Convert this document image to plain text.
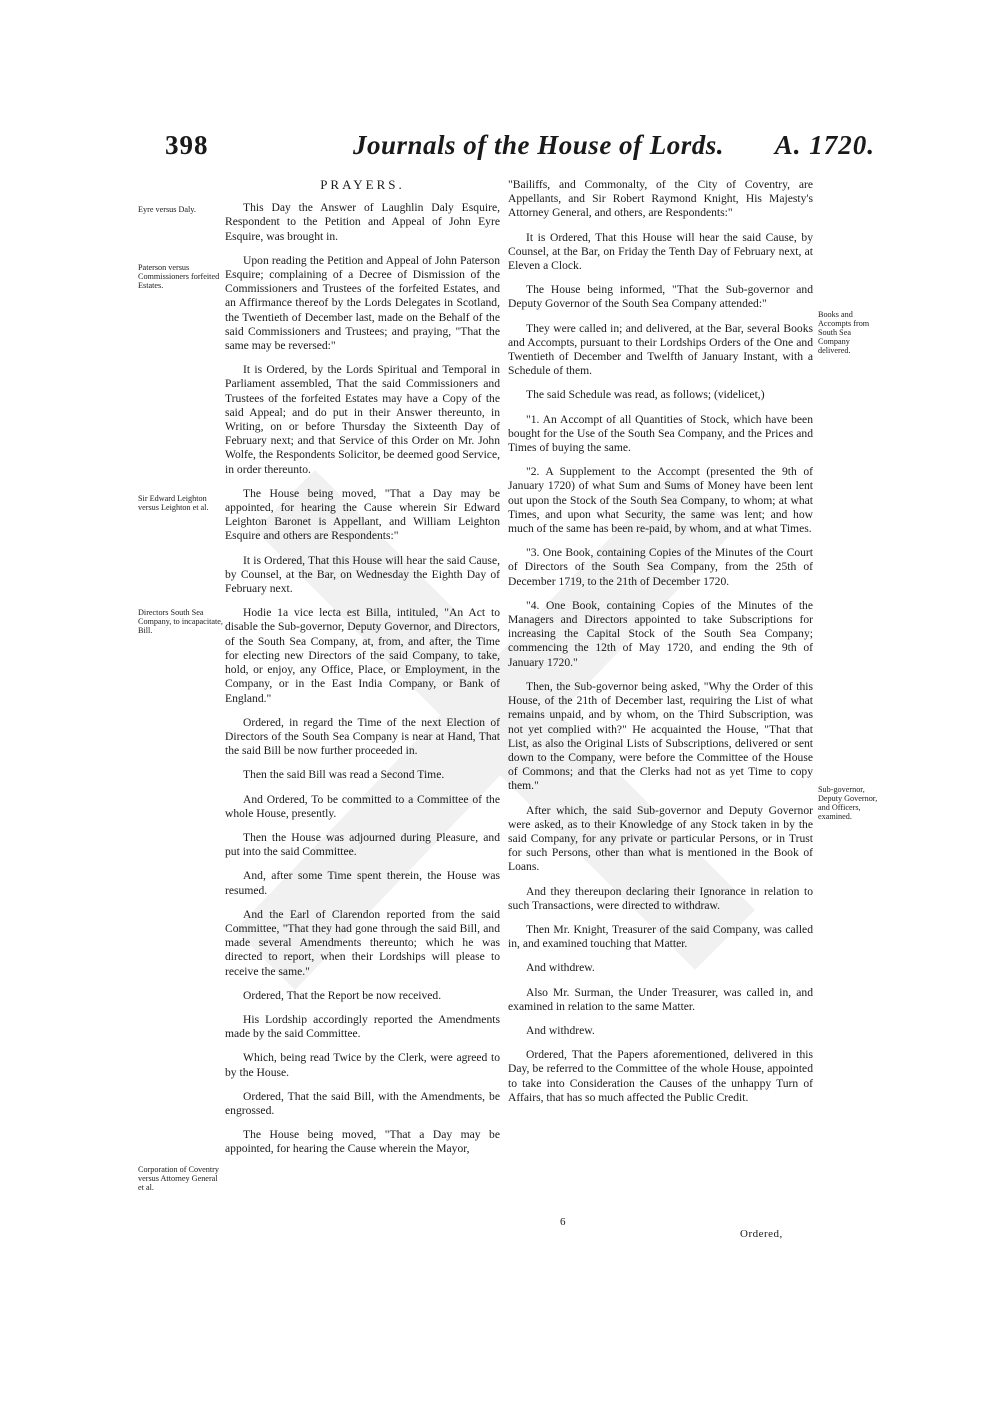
398	Journals of the House of Lords. A. 1720.
Eyre versus Daly.
Paterson versus Commissioners forfeited Estates.
Sir Edward Leighton versus Leighton et al.
Directors South Sea Company, to incapacitate, Bill.
Corporation of Coventry versus Attorney General et al.
Books and Accompts from South Sea Company delivered.
Sub-governor, Deputy Governor, and Officers, examined.
PRAYERS.

This Day the Answer of Laughlin Daly Esquire, Respondent to the Petition and Appeal of John Eyre Esquire, was brought in.

Upon reading the Petition and Appeal of John Paterson Esquire; complaining of a Decree of Dismission of the Commissioners and Trustees of the forfeited Estates, and an Affirmance thereof by the Lords Delegates in Scotland, the Twentieth of December last, made on the Behalf of the said Commissioners and Trustees; and praying, "That the same may be reversed:"

It is Ordered, by the Lords Spiritual and Temporal in Parliament assembled, That the said Commissioners and Trustees of the forfeited Estates may have a Copy of the said Appeal; and do put in their Answer thereunto, in Writing, on or before Thursday the Sixteenth Day of February next; and that Service of this Order on Mr. John Wolfe, the Respondents Solicitor, be deemed good Service, in order thereunto.

The House being moved, "That a Day may be appointed, for hearing the Cause wherein Sir Edward Leighton Baronet is Appellant, and William Leighton Esquire and others are Respondents:"

It is Ordered, That this House will hear the said Cause, by Counsel, at the Bar, on Wednesday the Eighth Day of February next.

Hodie 1a vice lecta est Billa, intituled, "An Act to disable the Sub-governor, Deputy Governor, and Directors, of the South Sea Company, at, from, and after, the Time for electing new Directors of the said Company, to take, hold, or enjoy, any Office, Place, or Employment, in the Company, or in the East India Company, or Bank of England."

Ordered, in regard the Time of the next Election of Directors of the South Sea Company is near at Hand, That the said Bill be now further proceeded in.

Then the said Bill was read a Second Time.

And Ordered, To be committed to a Committee of the whole House, presently.

Then the House was adjourned during Pleasure, and put into the said Committee.

And, after some Time spent therein, the House was resumed.

And the Earl of Clarendon reported from the said Committee, "That they had gone through the said Bill, and made several Amendments thereunto; which he was directed to report, when their Lordships will please to receive the same."

Ordered, That the Report be now received.

His Lordship accordingly reported the Amendments made by the said Committee.

Which, being read Twice by the Clerk, were agreed to by the House.

Ordered, That the said Bill, with the Amendments, be engrossed.

The House being moved, "That a Day may be appointed, for hearing the Cause wherein the Mayor,

"Bailiffs, and Commonalty, of the City of Coventry, are Appellants, and Sir Robert Raymond Knight, His Majesty's Attorney General, and others, are Respondents:"

It is Ordered, That this House will hear the said Cause, by Counsel, at the Bar, on Friday the Tenth Day of February next, at Eleven a Clock.

The House being informed, "That the Sub-governor and Deputy Governor of the South Sea Company attended:"

They were called in; and delivered, at the Bar, several Books and Accompts, pursuant to their Lordships Orders of the One and Twentieth of December and Twelfth of January Instant, with a Schedule of them.

The said Schedule was read, as follows; (videlicet,)

"1. An Accompt of all Quantities of Stock, which have been bought for the Use of the South Sea Company, and the Prices and Times of buying the same.

"2. A Supplement to the Accompt (presented the 9th of January 1720) of what Sum and Sums of Money have been lent out upon the Stock of the South Sea Company, to whom; at what Times, and upon what Security, the same was lent; and how much of the same has been re-paid, by whom, and at what Times.

"3. One Book, containing Copies of the Minutes of the Court of Directors of the South Sea Company, from the 25th of December 1719, to the 21th of December 1720.

"4. One Book, containing Copies of the Minutes of the Managers and Directors appointed to take Subscriptions for increasing the Capital Stock of the South Sea Company; commencing the 12th of May 1720, and ending the 9th of January 1720."

Then, the Sub-governor being asked, "Why the Order of this House, of the 21th of December last, requiring the List of what remains unpaid, and by whom, on the Third Subscription, was not yet complied with?" He acquainted the House, "That that List, as also the Original Lists of Subscriptions, delivered or sent down to the Company, were before the Committee of the House of Commons; and that the Clerks had not as yet Time to copy them."

After which, the said Sub-governor and Deputy Governor were asked, as to their Knowledge of any Stock taken in by the said Company, for any private or particular Persons, or in Trust for such Persons, other than what is mentioned in the Book of Loans.

And they thereupon declaring their Ignorance in relation to such Transactions, were directed to withdraw.

Then Mr. Knight, Treasurer of the said Company, was called in, and examined touching that Matter.

And withdrew.

Also Mr. Surman, the Under Treasurer, was called in, and examined in relation to the same Matter.

And withdrew.

Ordered, That the Papers aforementioned, delivered in this Day, be referred to the Committee of the whole House, appointed to take into Consideration the Causes of the unhappy Turn of Affairs, that has so much affected the Public Credit.

6
Ordered,
